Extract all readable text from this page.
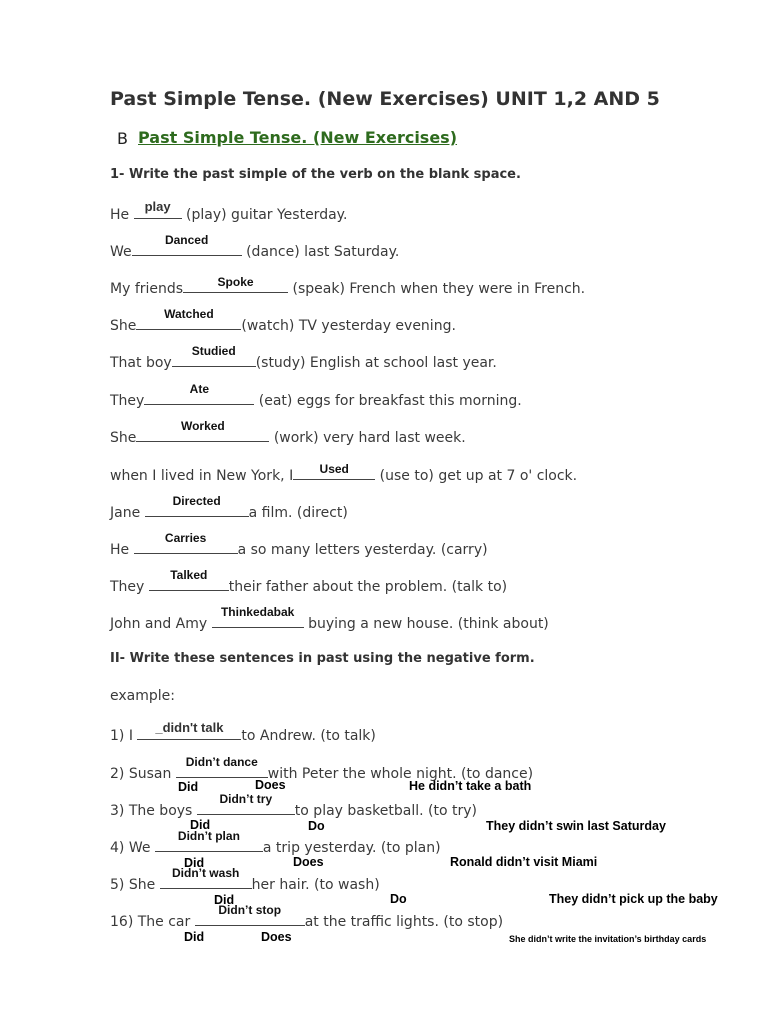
Past Simple Tense. (New Exercises) UNIT 1,2 AND 5
B Past Simple Tense. (New Exercises)
1- Write the past simple of the verb on the blank space.
He
play
(play) guitar Yesterday.
We
Danced
(dance) last Saturday.
My friends	Spoke	(speak) French when they were in French.
She
Watched
(watch) TV yesterday evening.
That boy
Studied
(study) English at school last year.
They
Ate
(eat) eggs for breakfast this morning.
She
Worked
(work) very hard last week.
when I lived in New York, I	Used	(use to) get up at 7 o' clock.
Jane
Directed
a film. (direct)
He
Carries
a so many letters yesterday. (carry)
They
Talked
their father about the problem. (talk to)
John and Amy
Thinkedabak
buying a new house. (think about)
II- Write these sentences in past using the negative form.
example:
1) I
_didn't talk
to Andrew. (to talk)
2) Susan
Didn’t dance
with Peter the whole night. (to dance)
3) The boys
Didn’t try
to play basketball. (to try)
4) We
Didn’t plan
a trip yesterday. (to plan)
5) She
Didn’t wash
her hair. (to wash)
16) The car
Didn’t stop
at the traffic lights. (to stop)
Did	Does	He didn’t take a bath
Did	Do	They didn’t swin last Saturday
Did	Does	Ronald didn’t visit Miami
Did	Do	They didn’t pick up the baby
Did	Does	She didn’t write the invitation’s birthday cards
